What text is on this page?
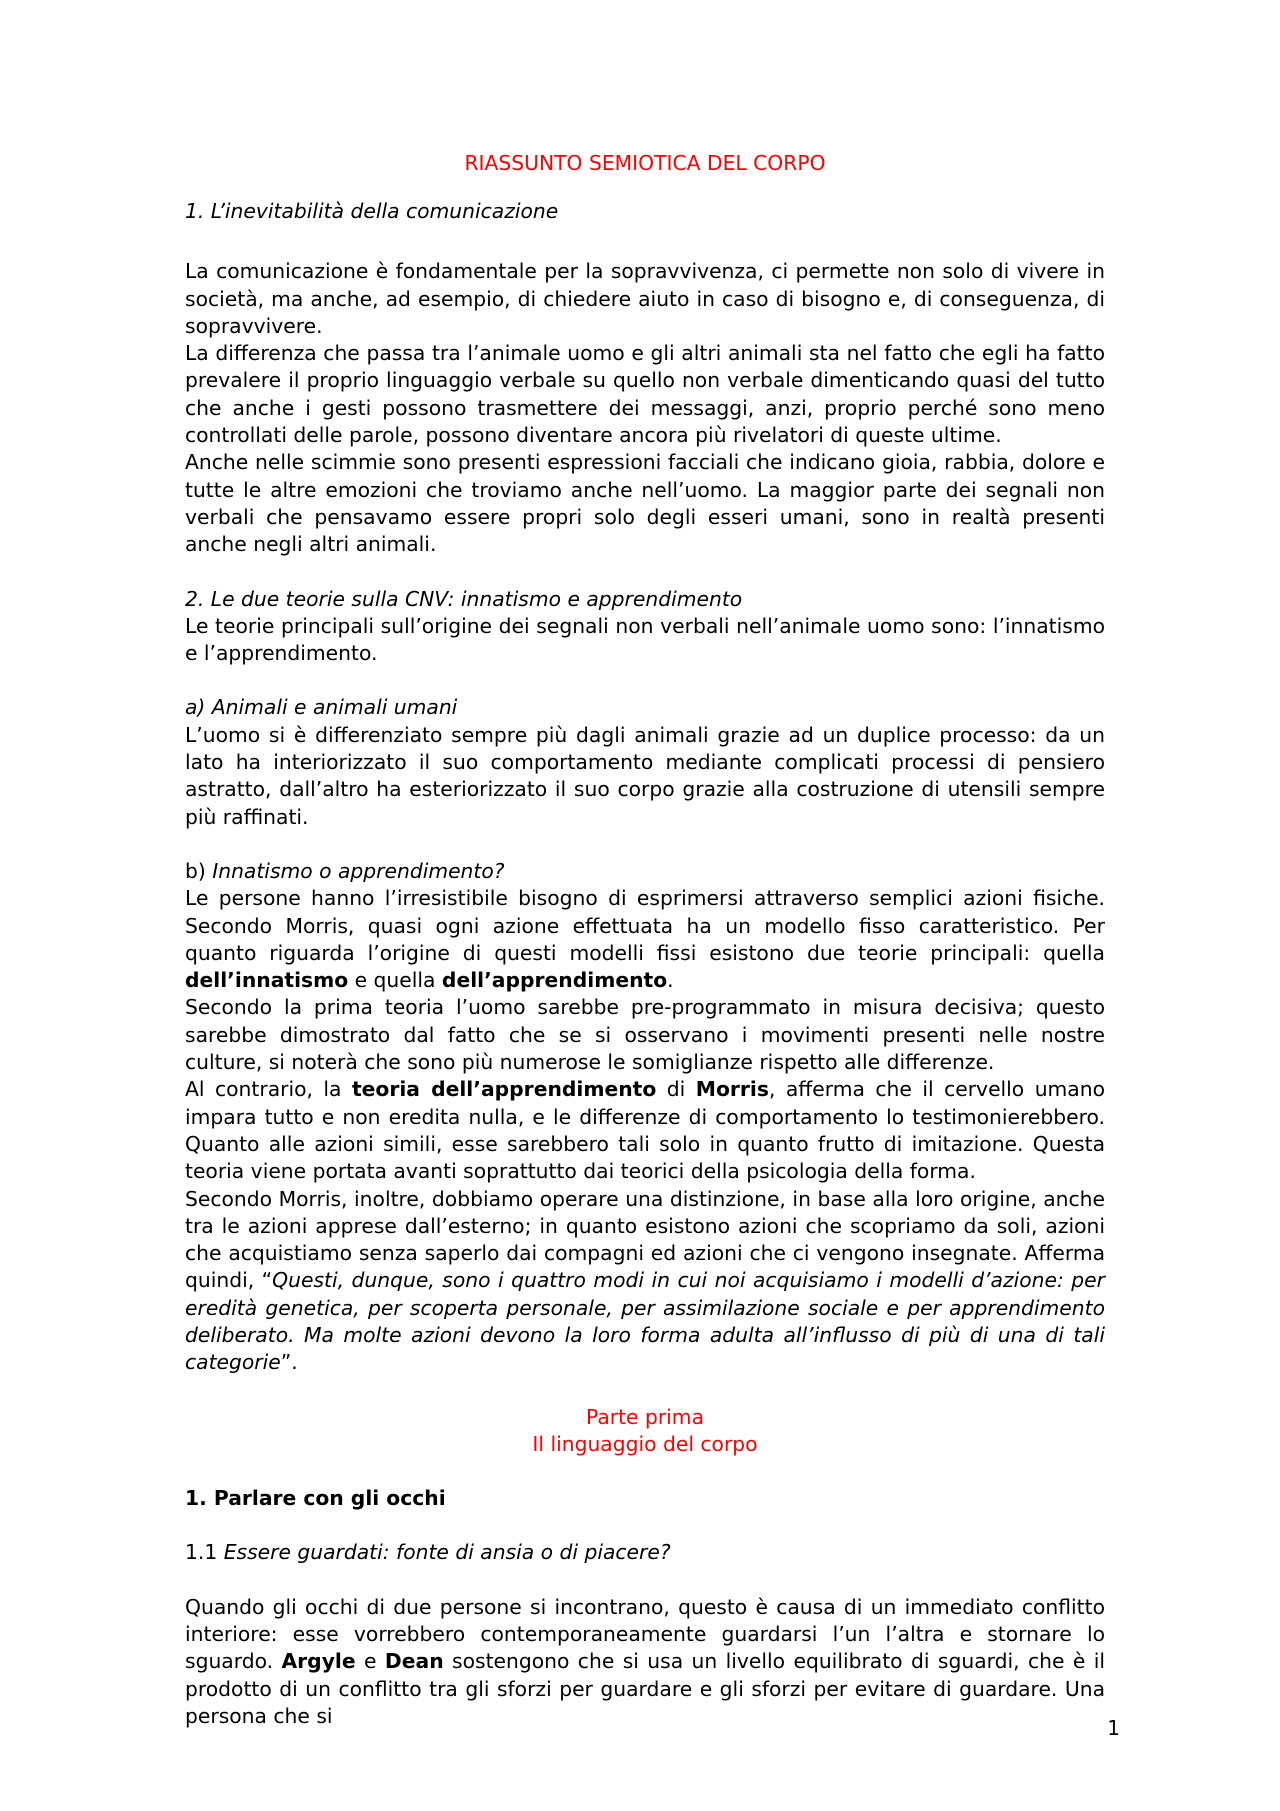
RIASSUNTO SEMIOTICA DEL CORPO

1. L’inevitabilità della comunicazione

La comunicazione è fondamentale per la sopravvivenza, ci permette non solo di vivere in società, ma anche, ad esempio, di chiedere aiuto in caso di bisogno e, di conseguenza, di sopravvivere.

La differenza che passa tra l’animale uomo e gli altri animali sta nel fatto che egli ha fatto prevalere il proprio linguaggio verbale su quello non verbale dimenticando quasi del tutto che anche i gesti possono trasmettere dei messaggi, anzi, proprio perché sono meno controllati delle parole, possono diventare ancora più rivelatori di queste ultime.

Anche nelle scimmie sono presenti espressioni facciali che indicano gioia, rabbia, dolore e tutte le altre emozioni che troviamo anche nell’uomo. La maggior parte dei segnali non verbali che pensavamo essere propri solo degli esseri umani, sono in realtà presenti anche negli altri animali.

2. Le due teorie sulla CNV: innatismo e apprendimento

Le teorie principali sull’origine dei segnali non verbali nell’animale uomo sono: l’innatismo e l’apprendimento.

a) Animali e animali umani

L’uomo si è differenziato sempre più dagli animali grazie ad un duplice processo: da un lato ha interiorizzato il suo comportamento mediante complicati processi di pensiero astratto, dall’altro ha esteriorizzato il suo corpo grazie alla costruzione di utensili sempre più raffinati.

b) Innatismo o apprendimento?

Le persone hanno l’irresistibile bisogno di esprimersi attraverso semplici azioni fisiche. Secondo Morris, quasi ogni azione effettuata ha un modello fisso caratteristico. Per quanto riguarda l’origine di questi modelli fissi esistono due teorie principali: quella dell’innatismo e quella dell’apprendimento.

Secondo la prima teoria l’uomo sarebbe pre-programmato in misura decisiva; questo sarebbe dimostrato dal fatto che se si osservano i movimenti presenti nelle nostre culture, si noterà che sono più numerose le somiglianze rispetto alle differenze.

Al contrario, la teoria dell’apprendimento di Morris, afferma che il cervello umano impara tutto e non eredita nulla, e le differenze di comportamento lo testimonierebbero. Quanto alle azioni simili, esse sarebbero tali solo in quanto frutto di imitazione. Questa teoria viene portata avanti soprattutto dai teorici della psicologia della forma.

Secondo Morris, inoltre, dobbiamo operare una distinzione, in base alla loro origine, anche tra le azioni apprese dall’esterno; in quanto esistono azioni che scopriamo da soli, azioni che acquistiamo senza saperlo dai compagni ed azioni che ci vengono insegnate. Afferma quindi, “Questi, dunque, sono i quattro modi in cui noi acquisiamo i modelli d’azione: per eredità genetica, per scoperta personale, per assimilazione sociale e per apprendimento deliberato. Ma molte azioni devono la loro forma adulta all’influsso di più di una di tali categorie”.

Parte prima

Il linguaggio del corpo

1. Parlare con gli occhi

1.1 Essere guardati: fonte di ansia o di piacere?

Quando gli occhi di due persone si incontrano, questo è causa di un immediato conflitto interiore: esse vorrebbero contemporaneamente guardarsi l’un l’altra e stornare lo sguardo. Argyle e Dean sostengono che si usa un livello equilibrato di sguardi, che è il prodotto di un conflitto tra gli sforzi per guardare e gli sforzi per evitare di guardare. Una persona che si

1
